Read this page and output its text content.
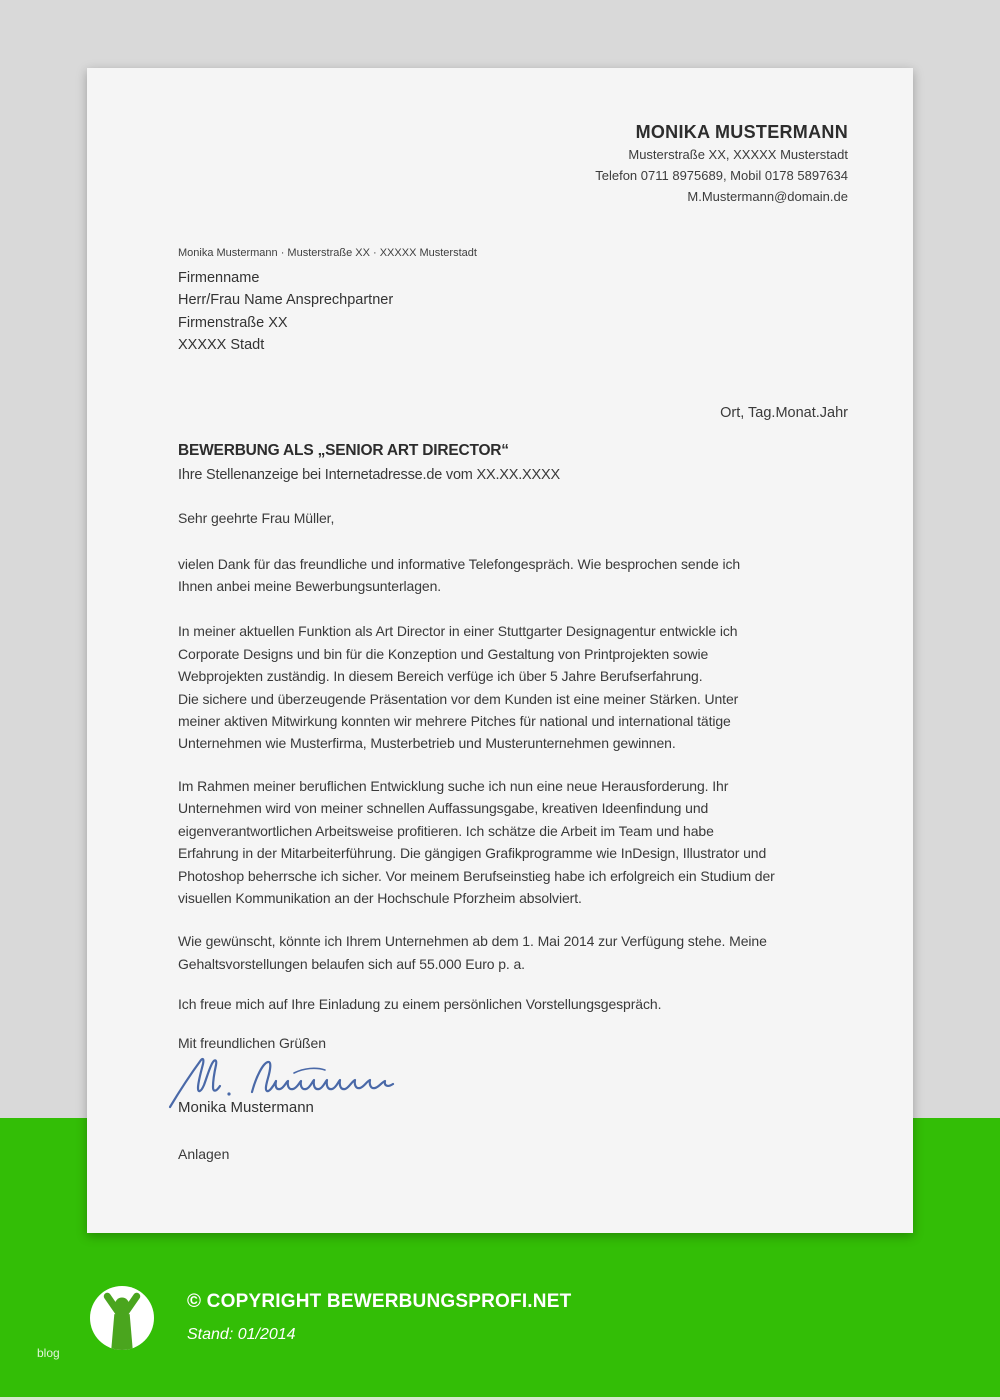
MONIKA MUSTERMANN
Musterstraße XX, XXXXX Musterstadt
Telefon 0711 8975689, Mobil 0178 5897634
M.Mustermann@domain.de
Monika Mustermann · Musterstraße XX · XXXXX Musterstadt
Firmenname
Herr/Frau Name Ansprechpartner
Firmenstraße XX
XXXXX Stadt
Ort, Tag.Monat.Jahr
BEWERBUNG ALS „SENIOR ART DIRECTOR“
Ihre Stellenanzeige bei Internetadresse.de vom XX.XX.XXXX
Sehr geehrte Frau Müller,
vielen Dank für das freundliche und informative Telefongespräch. Wie besprochen sende ich
Ihnen anbei meine Bewerbungsunterlagen.
In meiner aktuellen Funktion als Art Director in einer Stuttgarter Designagentur entwickle ich
Corporate Designs und bin für die Konzeption und Gestaltung von Printprojekten sowie
Webprojekten zuständig. In diesem Bereich verfüge ich über 5 Jahre Berufserfahrung.
Die sichere und überzeugende Präsentation vor dem Kunden ist eine meiner Stärken. Unter
meiner aktiven Mitwirkung konnten wir mehrere Pitches für national und international tätige
Unternehmen wie Musterfirma, Musterbetrieb und Musterunternehmen gewinnen.
Im Rahmen meiner beruflichen Entwicklung suche ich nun eine neue Herausforderung. Ihr
Unternehmen wird von meiner schnellen Auffassungsgabe, kreativen Ideenfindung und
eigenverantwortlichen Arbeitsweise profitieren. Ich schätze die Arbeit im Team und habe
Erfahrung in der Mitarbeiterführung. Die gängigen Grafikprogramme wie InDesign, Illustrator und
Photoshop beherrsche ich sicher. Vor meinem Berufseinstieg habe ich erfolgreich ein Studium der
visuellen Kommunikation an der Hochschule Pforzheim absolviert.
Wie gewünscht, könnte ich Ihrem Unternehmen ab dem 1. Mai 2014 zur Verfügung stehe. Meine
Gehaltsvorstellungen belaufen sich auf 55.000 Euro p. a.
Ich freue mich auf Ihre Einladung zu einem persönlichen Vorstellungsgespräch.
Mit freundlichen Grüßen
Monika Mustermann
Anlagen
© COPYRIGHT BEWERBUNGSPROFI.NET
Stand: 01/2014
blog
